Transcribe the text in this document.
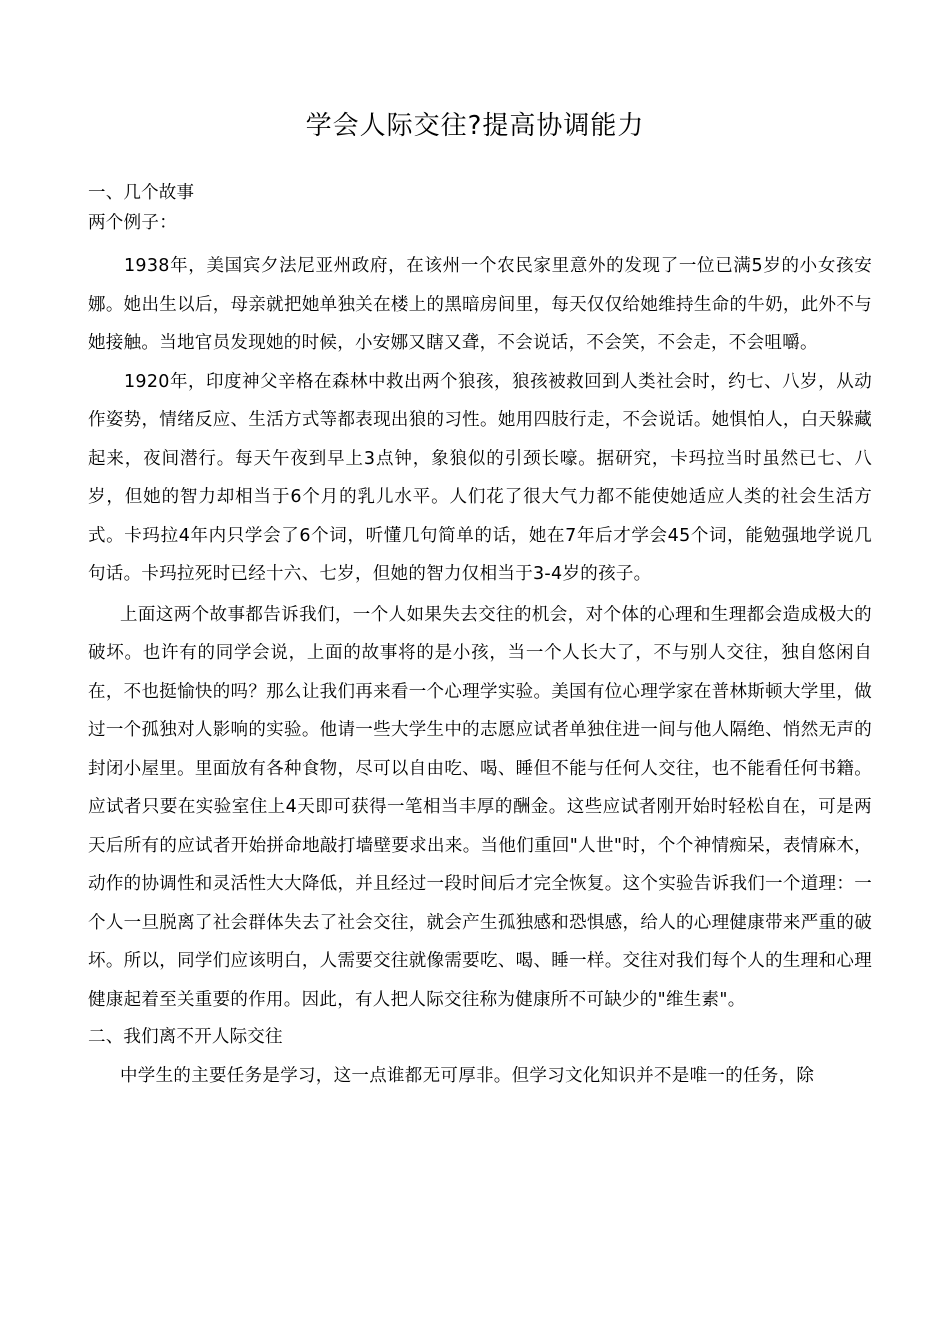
学会人际交往?提高协调能力
一、几个故事
两个例子：
1938年，美国宾夕法尼亚州政府，在该州一个农民家里意外的发现了一位已满5岁的小女孩安娜。她出生以后，母亲就把她单独关在楼上的黑暗房间里，每天仅仅给她维持生命的牛奶，此外不与她接触。当地官员发现她的时候，小安娜又瞎又聋，不会说话，不会笑，不会走，不会咀嚼。
1920年，印度神父辛格在森林中救出两个狼孩，狼孩被救回到人类社会时，约七、八岁，从动作姿势，情绪反应、生活方式等都表现出狼的习性。她用四肢行走，不会说话。她惧怕人，白天躲藏起来，夜间潜行。每天午夜到早上3点钟，象狼似的引颈长嚎。据研究，卡玛拉当时虽然已七、八岁，但她的智力却相当于6个月的乳儿水平。人们花了很大气力都不能使她适应人类的社会生活方式。卡玛拉4年内只学会了6个词，听懂几句简单的话，她在7年后才学会45个词，能勉强地学说几句话。卡玛拉死时已经十六、七岁，但她的智力仅相当于3-4岁的孩子。
上面这两个故事都告诉我们，一个人如果失去交往的机会，对个体的心理和生理都会造成极大的破坏。也许有的同学会说，上面的故事将的是小孩，当一个人长大了，不与别人交往，独自悠闲自在，不也挺愉快的吗？那么让我们再来看一个心理学实验。美国有位心理学家在普林斯顿大学里，做过一个孤独对人影响的实验。他请一些大学生中的志愿应试者单独住进一间与他人隔绝、悄然无声的封闭小屋里。里面放有各种食物，尽可以自由吃、喝、睡但不能与任何人交往，也不能看任何书籍。应试者只要在实验室住上4天即可获得一笔相当丰厚的酬金。这些应试者刚开始时轻松自在，可是两天后所有的应试者开始拼命地敲打墙壁要求出来。当他们重回"人世"时，个个神情痴呆，表情麻木，动作的协调性和灵活性大大降低，并且经过一段时间后才完全恢复。这个实验告诉我们一个道理：一个人一旦脱离了社会群体失去了社会交往，就会产生孤独感和恐惧感，给人的心理健康带来严重的破坏。所以，同学们应该明白，人需要交往就像需要吃、喝、睡一样。交往对我们每个人的生理和心理健康起着至关重要的作用。因此，有人把人际交往称为健康所不可缺少的"维生素"。
二、我们离不开人际交往
中学生的主要任务是学习，这一点谁都无可厚非。但学习文化知识并不是唯一的任务，除
